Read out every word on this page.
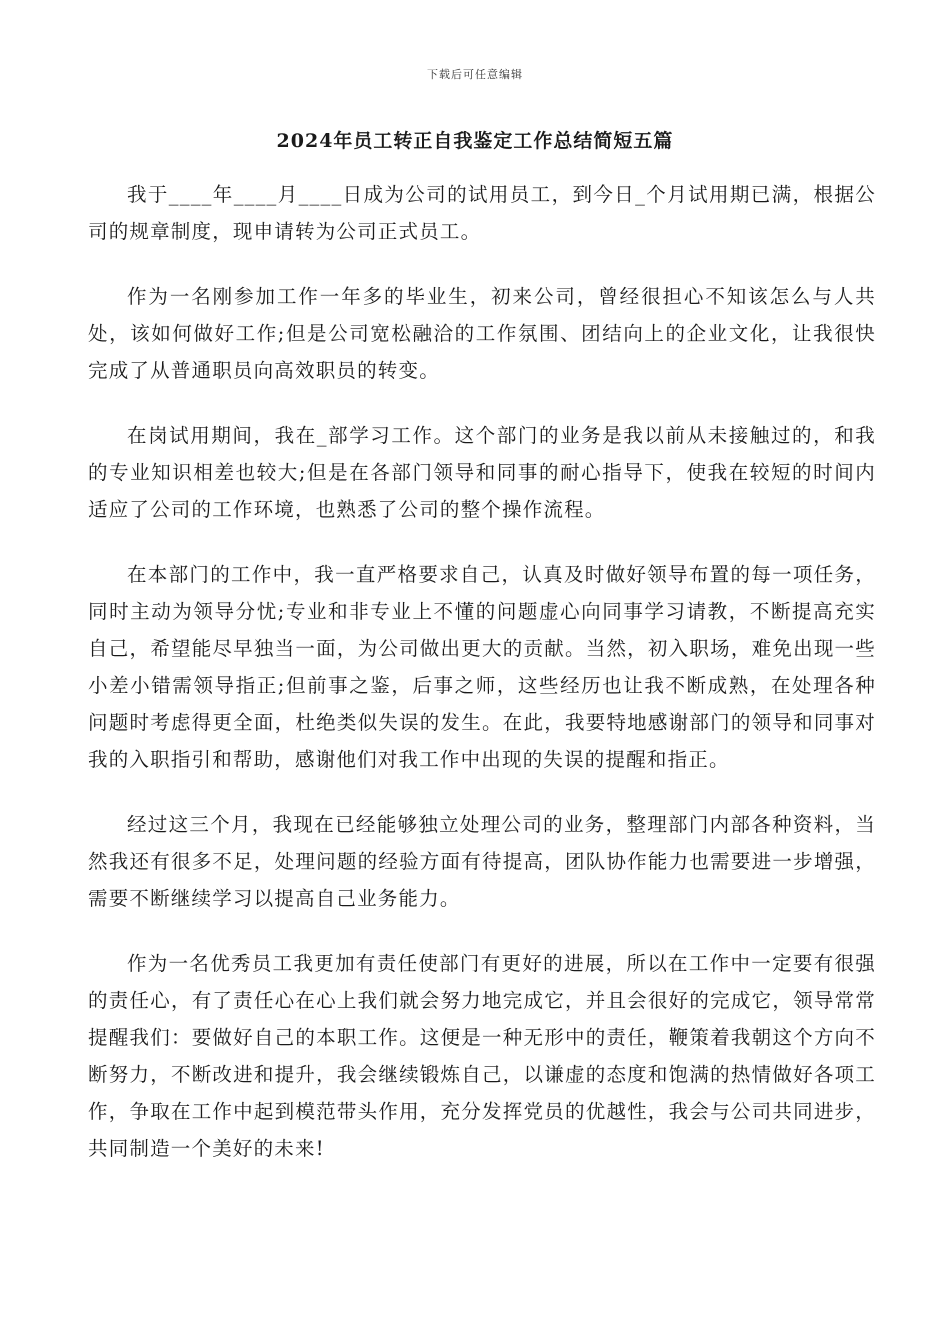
下载后可任意编辑
2024年员工转正自我鉴定工作总结简短五篇

我于____年____月____日成为公司的试用员工，到今日_个月试用期已满，根据公司的规章制度，现申请转为公司正式员工。

作为一名刚参加工作一年多的毕业生，初来公司，曾经很担心不知该怎么与人共处，该如何做好工作;但是公司宽松融洽的工作氛围、团结向上的企业文化，让我很快完成了从普通职员向高效职员的转变。

在岗试用期间，我在_部学习工作。这个部门的业务是我以前从未接触过的，和我的专业知识相差也较大;但是在各部门领导和同事的耐心指导下，使我在较短的时间内适应了公司的工作环境，也熟悉了公司的整个操作流程。

在本部门的工作中，我一直严格要求自己，认真及时做好领导布置的每一项任务，同时主动为领导分忧;专业和非专业上不懂的问题虚心向同事学习请教，不断提高充实自己，希望能尽早独当一面，为公司做出更大的贡献。当然，初入职场，难免出现一些小差小错需领导指正;但前事之鉴，后事之师，这些经历也让我不断成熟，在处理各种问题时考虑得更全面，杜绝类似失误的发生。在此，我要特地感谢部门的领导和同事对我的入职指引和帮助，感谢他们对我工作中出现的失误的提醒和指正。

经过这三个月，我现在已经能够独立处理公司的业务，整理部门内部各种资料，当然我还有很多不足，处理问题的经验方面有待提高，团队协作能力也需要进一步增强，需要不断继续学习以提高自己业务能力。

作为一名优秀员工我更加有责任使部门有更好的进展，所以在工作中一定要有很强的责任心，有了责任心在心上我们就会努力地完成它，并且会很好的完成它，领导常常提醒我们：要做好自己的本职工作。这便是一种无形中的责任，鞭策着我朝这个方向不断努力，不断改进和提升，我会继续锻炼自己，以谦虚的态度和饱满的热情做好各项工作，争取在工作中起到模范带头作用，充分发挥党员的优越性，我会与公司共同进步，共同制造一个美好的未来!
